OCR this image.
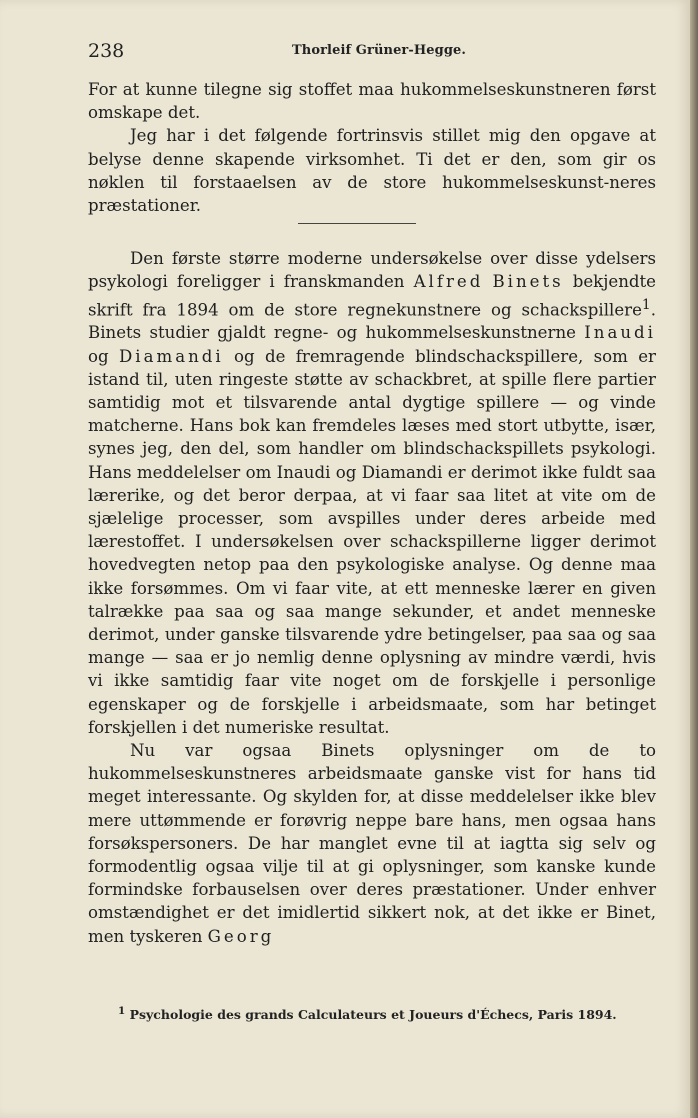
238	Thorleif Grüner-Hegge.

For at kunne tilegne sig stoffet maa hukommelseskunstneren først omskape det.

Jeg har i det følgende fortrinsvis stillet mig den opgave at belyse denne skapende virksomhet. Ti det er den, som gir os nøklen til forstaaelsen av de store hukommelseskunst-neres præstationer.

Den første større moderne undersøkelse over disse ydelsers psykologi foreligger i franskmanden Alfred Binets bekjendte skrift fra 1894 om de store regnekunstnere og schackspillere$^1$. Binets studier gjaldt regne- og hukommelseskunstnerne Inaudi og Diamandi og de fremragende blindschackspillere, som er istand til, uten ringeste støtte av schackbret, at spille flere partier samtidig mot et tilsvarende antal dygtige spillere — og vinde matcherne. Hans bok kan fremdeles læses med stort utbytte, især, synes jeg, den del, som handler om blindschackspillets psykologi. Hans meddelelser om Inaudi og Diamandi er derimot ikke fuldt saa lærerike, og det beror derpaa, at vi faar saa litet at vite om de sjælelige processer, som avspilles under deres arbeide med lærestoffet. I undersøkelsen over schackspillerne ligger derimot hovedvegten netop paa den psykologiske analyse. Og denne maa ikke forsømmes. Om vi faar vite, at ett menneske lærer en given talrække paa saa og saa mange sekunder, et andet menneske derimot, under ganske tilsvarende ydre betingelser, paa saa og saa mange — saa er jo nemlig denne oplysning av mindre værdi, hvis vi ikke samtidig faar vite noget om de forskjelle i personlige egenskaper og de forskjelle i arbeidsmaate, som har betinget forskjellen i det numeriske resultat.

Nu var ogsaa Binets oplysninger om de to hukommelseskunstneres arbeidsmaate ganske vist for hans tid meget interessante. Og skylden for, at disse meddelelser ikke blev mere uttømmende er forøvrig neppe bare hans, men ogsaa hans forsøkspersoners. De har manglet evne til at iagtta sig selv og formodentlig ogsaa vilje til at gi oplysninger, som kanske kunde formindske forbauselsen over deres præstationer. Under enhver omstændighet er det imidlertid sikkert nok, at det ikke er Binet, men tyskeren Georg

$^1$ Psychologie des grands Calculateurs et Joueurs d'Échecs, Paris 1894.
